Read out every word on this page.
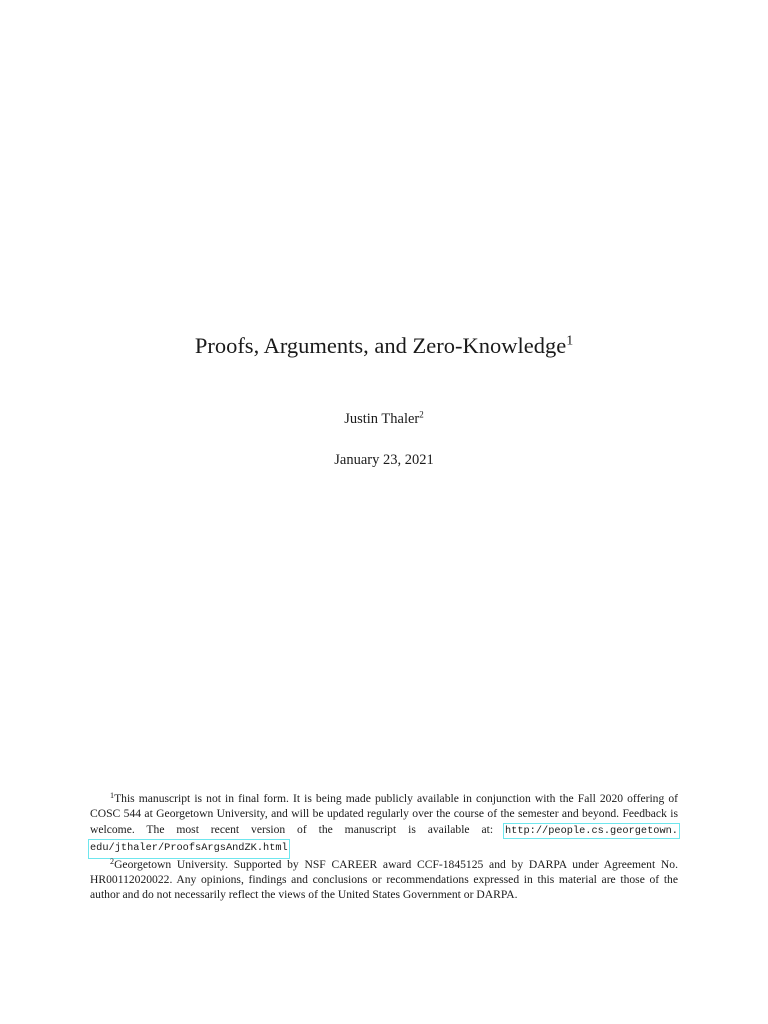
Proofs, Arguments, and Zero-Knowledge$^1$
Justin Thaler$^2$
January 23, 2021

$^1$This manuscript is not in final form. It is being made publicly available in conjunction with the Fall 2020 offering of COSC 544 at Georgetown University, and will be updated regularly over the course of the semester and beyond. Feedback is welcome. The most recent version of the manuscript is available at: http://people.cs.georgetown. edu/jthaler/ProofsArgsAndZK.html

$^2$Georgetown University. Supported by NSF CAREER award CCF-1845125 and by DARPA under Agreement No. HR00112020022. Any opinions, findings and conclusions or recommendations expressed in this material are those of the author and do not necessarily reflect the views of the United States Government or DARPA.
